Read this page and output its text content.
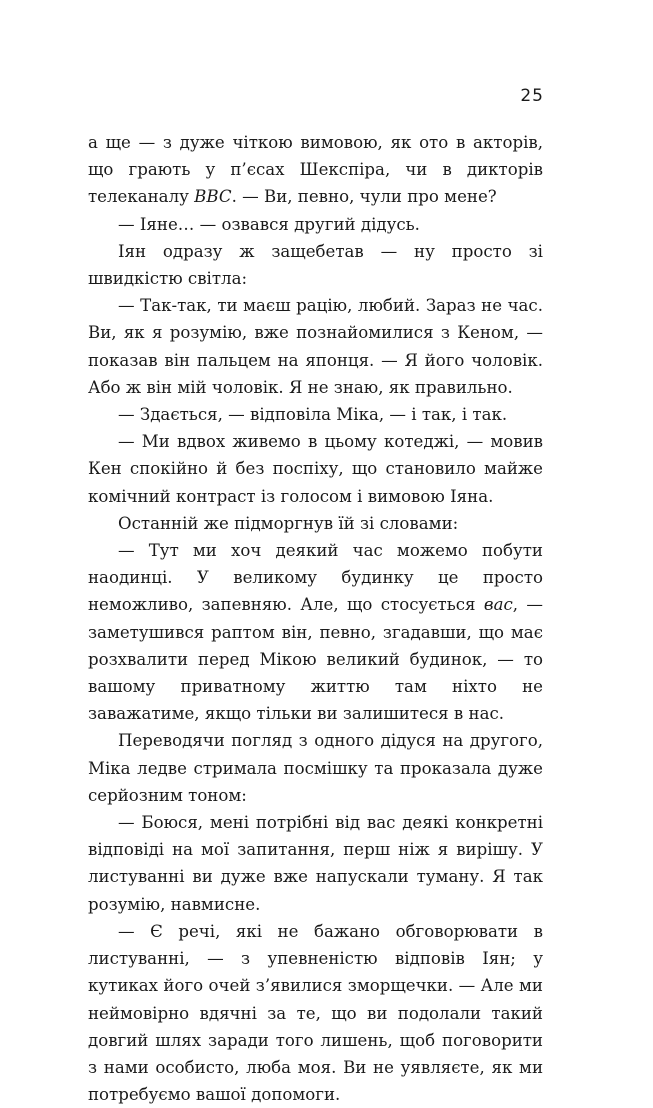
25

а ще — з дуже чіткою вимовою, як ото в акторів, що грають у п’єсах Шекспіра, чи в дикторів телеканалу BBC. — Ви, певно, чули про мене?

— Іяне… — озвався другий дідусь.

Іян одразу ж защебетав — ну просто зі швидкістю світла:

— Так-так, ти маєш рацію, любий. Зараз не час. Ви, як я розумію, вже познайомилися з Кеном, — показав він пальцем на японця. — Я його чоловік. Або ж він мій чоловік. Я не знаю, як правильно.

— Здається, — відповіла Міка, — і так, і так.

— Ми вдвох живемо в цьому котеджі, — мовив Кен спокійно й без поспіху, що становило майже комічний контраст із голосом і вимовою Іяна.

Останній же підморгнув їй зі словами:

— Тут ми хоч деякий час можемо побути наодинці. У великому будинку це просто неможливо, запевняю. Але, що стосується вас, — заметушився раптом він, певно, згадавши, що має розхвалити перед Мікою великий будинок, — то вашому приватному життю там ніхто не заважатиме, якщо тільки ви залишитеся в нас.

Переводячи погляд з одного дідуся на другого, Міка ледве стримала посмішку та проказала дуже серйозним тоном:

— Боюся, мені потрібні від вас деякі конкретні відповіді на мої запитання, перш ніж я вирішу. У листуванні ви дуже вже напускали туману. Я так розумію, навмисне.

— Є речі, які не бажано обговорювати в листуванні, — з упевненістю відповів Іян; у кутиках його очей з’явилися зморщечки. — Але ми неймовірно вдячні за те, що ви подолали такий довгий шлях заради того лишень, щоб поговорити з нами особисто, люба моя. Ви не уявляєте, як ми потребуємо вашої допомоги.
